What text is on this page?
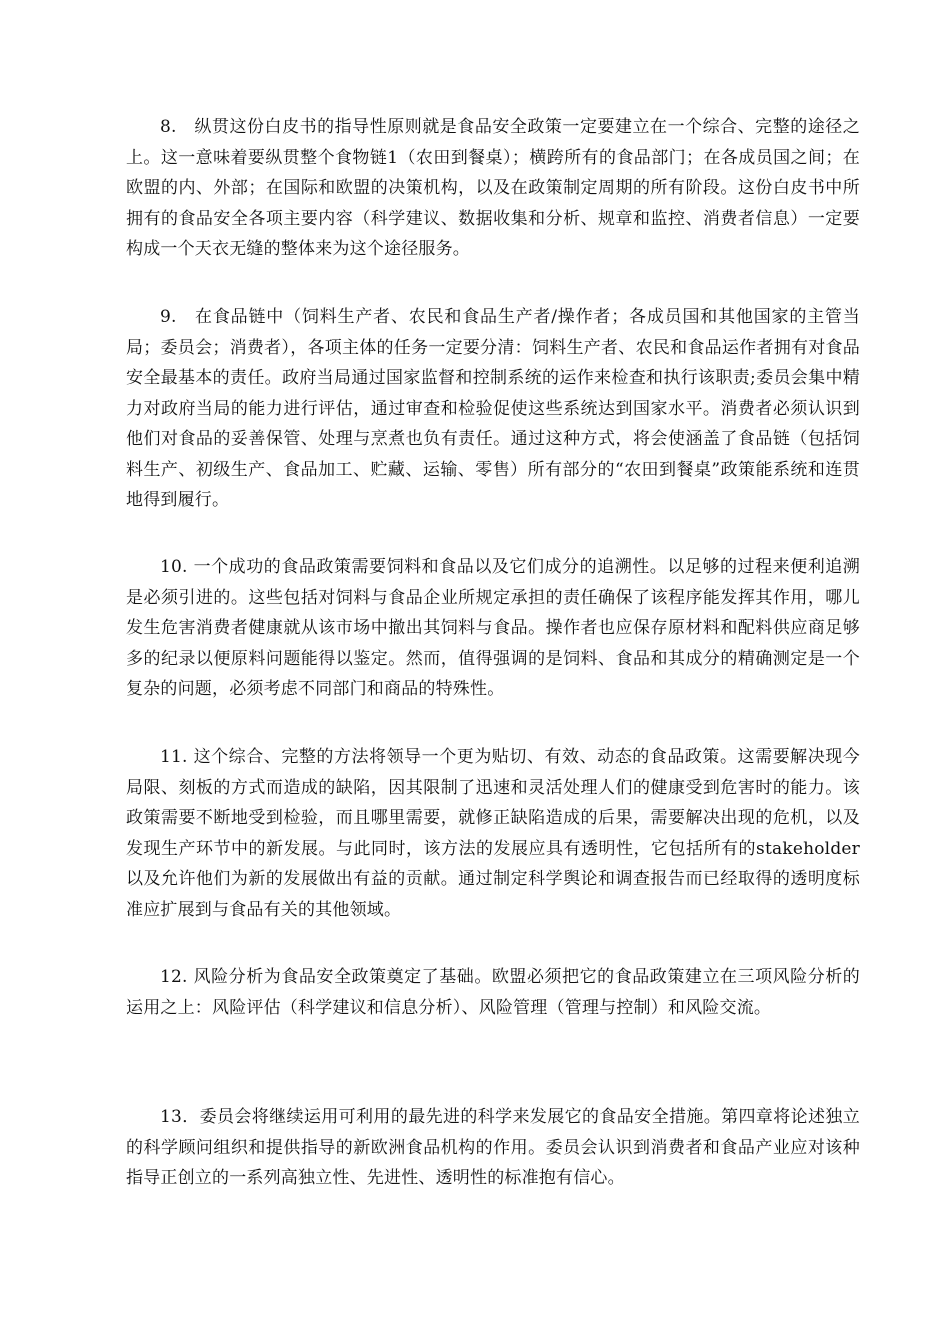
8.　纵贯这份白皮书的指导性原则就是食品安全政策一定要建立在一个综合、完整的途径之上。这一意味着要纵贯整个食物链1（农田到餐桌）；横跨所有的食品部门；在各成员国之间；在欧盟的内、外部；在国际和欧盟的决策机构，以及在政策制定周期的所有阶段。这份白皮书中所拥有的食品安全各项主要内容（科学建议、数据收集和分析、规章和监控、消费者信息）一定要构成一个天衣无缝的整体来为这个途径服务。

9.　在食品链中（饲料生产者、农民和食品生产者/操作者；各成员国和其他国家的主管当局；委员会；消费者），各项主体的任务一定要分清：饲料生产者、农民和食品运作者拥有对食品安全最基本的责任。政府当局通过国家监督和控制系统的运作来检查和执行该职责;委员会集中精力对政府当局的能力进行评估，通过审查和检验促使这些系统达到国家水平。消费者必须认识到他们对食品的妥善保管、处理与烹煮也负有责任。通过这种方式，将会使涵盖了食品链（包括饲料生产、初级生产、食品加工、贮藏、运输、零售）所有部分的“农田到餐桌”政策能系统和连贯地得到履行。

10. 一个成功的食品政策需要饲料和食品以及它们成分的追溯性。以足够的过程来便利追溯是必须引进的。这些包括对饲料与食品企业所规定承担的责任确保了该程序能发挥其作用，哪儿发生危害消费者健康就从该市场中撤出其饲料与食品。操作者也应保存原材料和配料供应商足够多的纪录以便原料问题能得以鉴定。然而，值得强调的是饲料、食品和其成分的精确测定是一个复杂的问题，必须考虑不同部门和商品的特殊性。

11. 这个综合、完整的方法将领导一个更为贴切、有效、动态的食品政策。这需要解决现今局限、刻板的方式而造成的缺陷，因其限制了迅速和灵活处理人们的健康受到危害时的能力。该政策需要不断地受到检验，而且哪里需要，就修正缺陷造成的后果，需要解决出现的危机，以及发现生产环节中的新发展。与此同时，该方法的发展应具有透明性，它包括所有的stakeholder以及允许他们为新的发展做出有益的贡献。通过制定科学舆论和调查报告而已经取得的透明度标准应扩展到与食品有关的其他领域。

12. 风险分析为食品安全政策奠定了基础。欧盟必须把它的食品政策建立在三项风险分析的运用之上：风险评估（科学建议和信息分析）、风险管理（管理与控制）和风险交流。

13．委员会将继续运用可利用的最先进的科学来发展它的食品安全措施。第四章将论述独立的科学顾问组织和提供指导的新欧洲食品机构的作用。委员会认识到消费者和食品产业应对该种指导正创立的一系列高独立性、先进性、透明性的标准抱有信心。
